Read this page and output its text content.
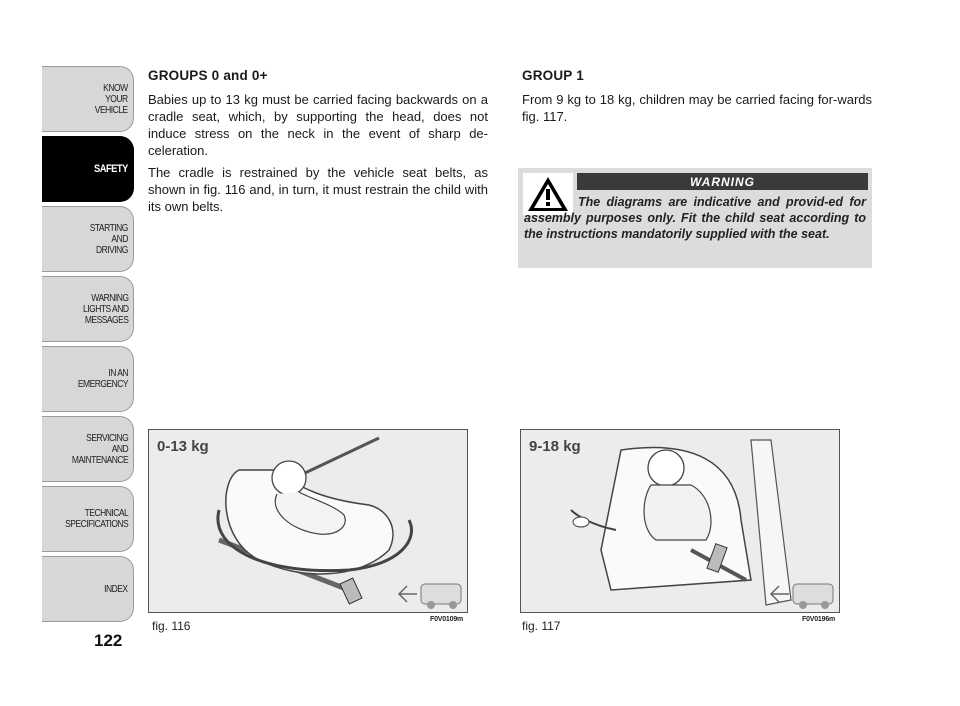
KNOW
YOUR
VEHICLE
SAFETY
STARTING
AND
DRIVING
WARNING
LIGHTS AND
MESSAGES
IN AN
EMERGENCY
SERVICING
AND
MAINTENANCE
TECHNICAL
SPECIFICATIONS
INDEX
122

GROUPS 0 and 0+

Babies up to 13 kg must be carried facing backwards on a cradle seat, which, by supporting the head, does not induce stress on the neck in the event of sharp de-celeration.

The cradle is restrained by the vehicle seat belts, as shown in fig. 116 and, in turn, it must restrain the child with its own belts.

GROUP 1

From 9 kg to 18 kg, children may be carried facing for-wards fig. 117.

WARNING
The diagrams are indicative and provid-ed for assembly purposes only. Fit the child seat according to the instructions mandatorily supplied with the seat.
0-13 kg
fig. 116	F0V0109m
9-18 kg
fig. 117	F0V0196m
